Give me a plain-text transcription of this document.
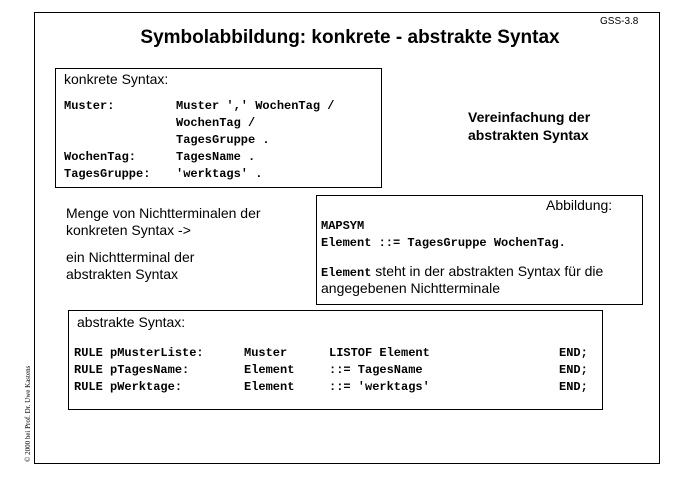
GSS-3.8
Symbolabbildung: konkrete - abstrakte Syntax
konkrete Syntax:
Muster:	Muster ',' WochenTag /
WochenTag /
TagesGruppe .
WochenTag:	TagesName .
TagesGruppe: 'werktags' .
Vereinfachung der
abstrakten Syntax
Menge von Nichtterminalen der
konkreten Syntax ->
ein Nichtterminal der
abstrakten Syntax
Abbildung:
MAPSYM
Element ::= TagesGruppe WochenTag.
Element steht in der abstrakten Syntax für die
angegebenen Nichtterminale
abstrakte Syntax:
RULE pMusterListe:	Muster	LISTOF Element	END;
RULE pTagesName:	Element	::= TagesName	END;
RULE pWerktage:	Element	::= 'werktags'	END;
© 2000 bei Prof. Dr. Uwe Kastens
